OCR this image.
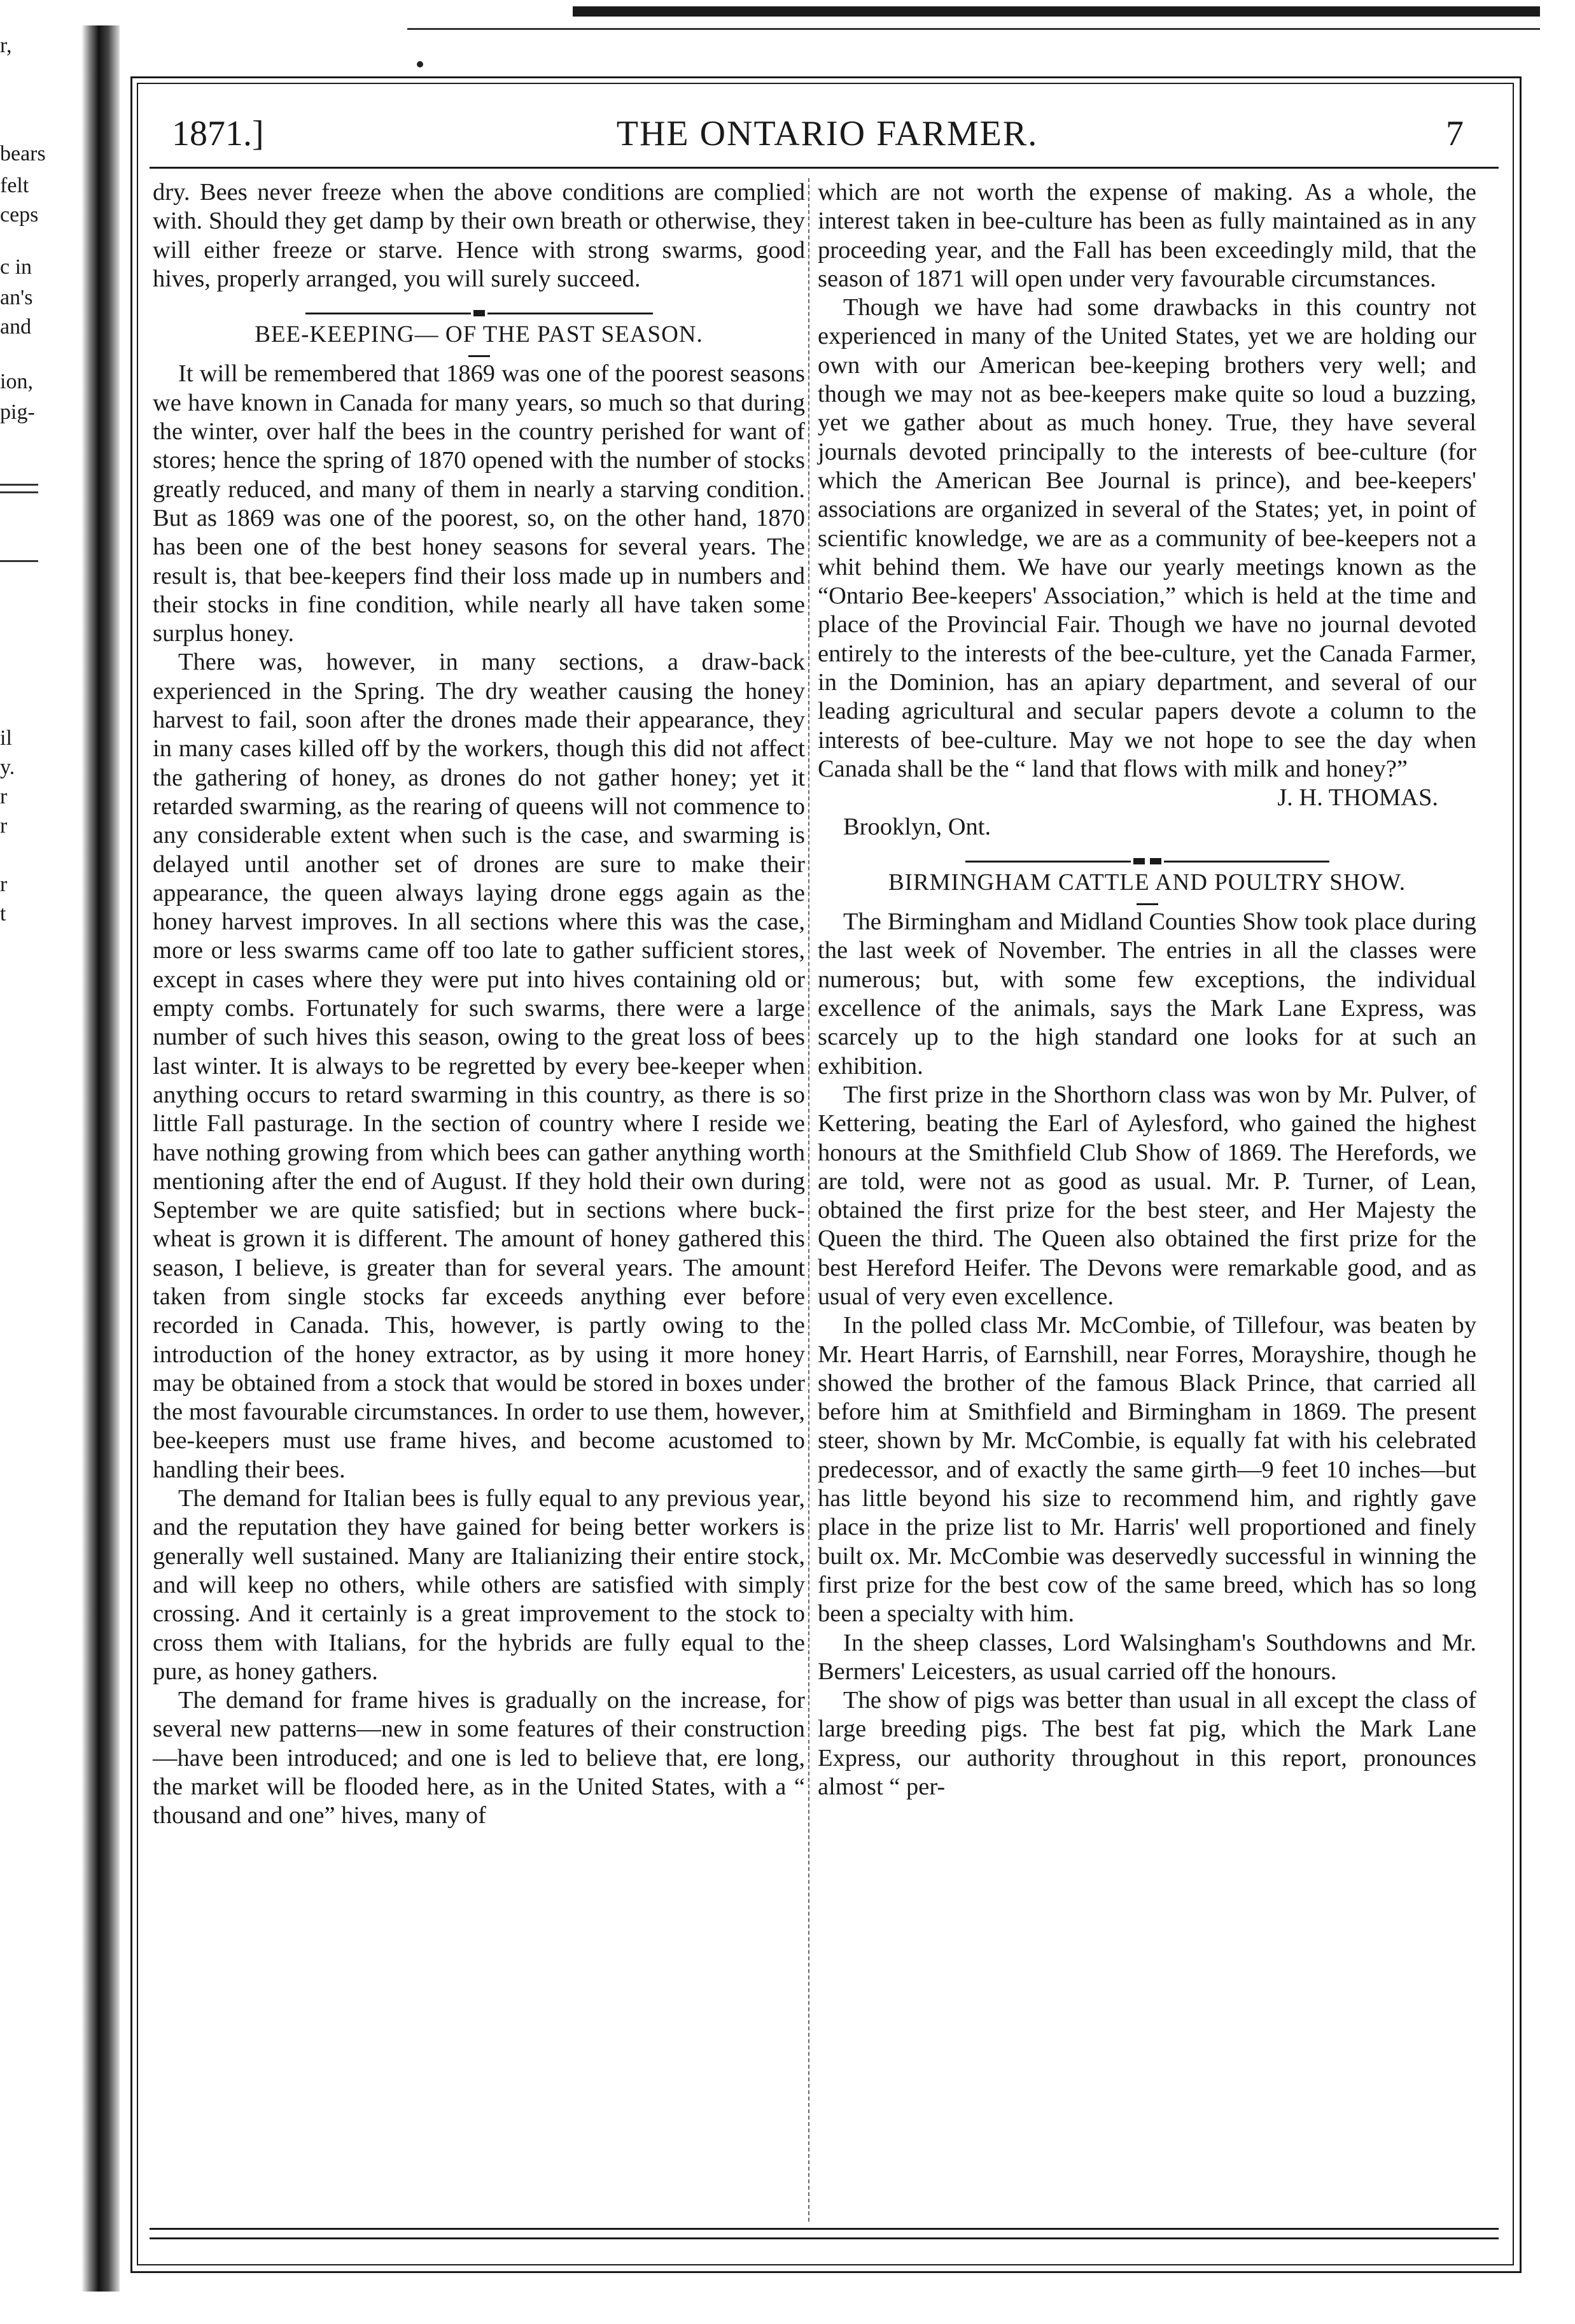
r,
bears
felt
ceps
c in
an's
and
ion,
pig-
il
y.
r
r
r
t
1871.]	THE ONTARIO FARMER.	7

dry. Bees never freeze when the above conditions are complied with. Should they get damp by their own breath or otherwise, they will either freeze or starve. Hence with strong swarms, good hives, properly arranged, you will surely succeed.

BEE-KEEPING— OF THE PAST SEASON.

It will be remembered that 1869 was one of the poorest seasons we have known in Canada for many years, so much so that during the winter, over half the bees in the country perished for want of stores; hence the spring of 1870 opened with the number of stocks greatly reduced, and many of them in nearly a starving condition. But as 1869 was one of the poorest, so, on the other hand, 1870 has been one of the best honey seasons for several years. The result is, that bee-keepers find their loss made up in numbers and their stocks in fine condition, while nearly all have taken some surplus honey.

There was, however, in many sections, a draw-back experienced in the Spring. The dry weather causing the honey harvest to fail, soon after the drones made their appearance, they in many cases killed off by the workers, though this did not affect the gathering of honey, as drones do not gather honey; yet it retarded swarming, as the rearing of queens will not commence to any considerable extent when such is the case, and swarming is delayed until another set of drones are sure to make their appearance, the queen always laying drone eggs again as the honey harvest improves. In all sections where this was the case, more or less swarms came off too late to gather sufficient stores, except in cases where they were put into hives containing old or empty combs. Fortunately for such swarms, there were a large number of such hives this season, owing to the great loss of bees last winter. It is always to be regretted by every bee-keeper when anything occurs to retard swarming in this country, as there is so little Fall pasturage. In the section of country where I reside we have nothing growing from which bees can gather anything worth mentioning after the end of August. If they hold their own during September we are quite satisfied; but in sections where buck-wheat is grown it is different. The amount of honey gathered this season, I believe, is greater than for several years. The amount taken from single stocks far exceeds anything ever before recorded in Canada. This, however, is partly owing to the introduction of the honey extractor, as by using it more honey may be obtained from a stock that would be stored in boxes under the most favourable circumstances. In order to use them, however, bee-keepers must use frame hives, and become acustomed to handling their bees.

The demand for Italian bees is fully equal to any previous year, and the reputation they have gained for being better workers is generally well sustained. Many are Italianizing their entire stock, and will keep no others, while others are satisfied with simply crossing. And it certainly is a great improvement to the stock to cross them with Italians, for the hybrids are fully equal to the pure, as honey gathers.

The demand for frame hives is gradually on the increase, for several new patterns—new in some features of their construction—have been introduced; and one is led to believe that, ere long, the market will be flooded here, as in the United States, with a “ thousand and one” hives, many of

which are not worth the expense of making. As a whole, the interest taken in bee-culture has been as fully maintained as in any proceeding year, and the Fall has been exceedingly mild, that the season of 1871 will open under very favourable circumstances.

Though we have had some drawbacks in this country not experienced in many of the United States, yet we are holding our own with our American bee-keeping brothers very well; and though we may not as bee-keepers make quite so loud a buzzing, yet we gather about as much honey. True, they have several journals devoted principally to the interests of bee-culture (for which the American Bee Journal is prince), and bee-keepers' associations are organized in several of the States; yet, in point of scientific knowledge, we are as a community of bee-keepers not a whit behind them. We have our yearly meetings known as the “Ontario Bee-keepers' Association,” which is held at the time and place of the Provincial Fair. Though we have no journal devoted entirely to the interests of the bee-culture, yet the Canada Farmer, in the Dominion, has an apiary department, and several of our leading agricultural and secular papers devote a column to the interests of bee-culture. May we not hope to see the day when Canada shall be the “ land that flows with milk and honey?”

J. H. THOMAS.

Brooklyn, Ont.

BIRMINGHAM CATTLE AND POULTRY SHOW.

The Birmingham and Midland Counties Show took place during the last week of November. The entries in all the classes were numerous; but, with some few exceptions, the individual excellence of the animals, says the Mark Lane Express, was scarcely up to the high standard one looks for at such an exhibition.

The first prize in the Shorthorn class was won by Mr. Pulver, of Kettering, beating the Earl of Aylesford, who gained the highest honours at the Smithfield Club Show of 1869. The Herefords, we are told, were not as good as usual. Mr. P. Turner, of Lean, obtained the first prize for the best steer, and Her Majesty the Queen the third. The Queen also obtained the first prize for the best Hereford Heifer. The Devons were remarkable good, and as usual of very even excellence.

In the polled class Mr. McCombie, of Tillefour, was beaten by Mr. Heart Harris, of Earnshill, near Forres, Morayshire, though he showed the brother of the famous Black Prince, that carried all before him at Smithfield and Birmingham in 1869. The present steer, shown by Mr. McCombie, is equally fat with his celebrated predecessor, and of exactly the same girth—9 feet 10 inches—but has little beyond his size to recommend him, and rightly gave place in the prize list to Mr. Harris' well proportioned and finely built ox. Mr. McCombie was deservedly successful in winning the first prize for the best cow of the same breed, which has so long been a specialty with him.

In the sheep classes, Lord Walsingham's Southdowns and Mr. Bermers' Leicesters, as usual carried off the honours.

The show of pigs was better than usual in all except the class of large breeding pigs. The best fat pig, which the Mark Lane Express, our authority throughout in this report, pronounces almost “ per-
